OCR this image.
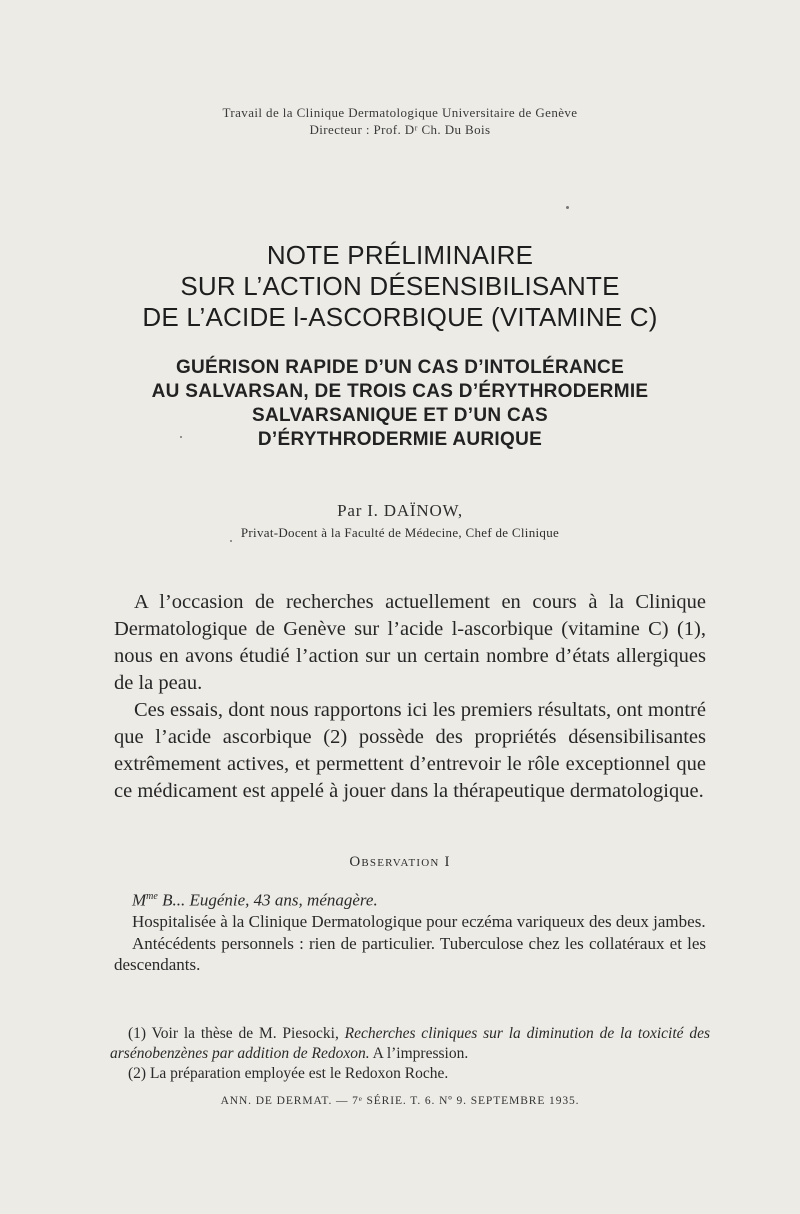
Travail de la Clinique Dermatologique Universitaire de Genève
Directeur : Prof. Dʳ Ch. Du Bois
NOTE PRÉLIMINAIRE
SUR L’ACTION DÉSENSIBILISANTE
DE L’ACIDE l-ASCORBIQUE (VITAMINE C)
GUÉRISON RAPIDE D’UN CAS D’INTOLÉRANCE
AU SALVARSAN, DE TROIS CAS D’ÉRYTHRODERMIE
SALVARSANIQUE ET D’UN CAS
D’ÉRYTHRODERMIE AURIQUE
Par I. DAÏNOW,
Privat-Docent à la Faculté de Médecine, Chef de Clinique

A l’occasion de recherches actuellement en cours à la Clinique Dermatologique de Genève sur l’acide l-ascorbique (vitamine C) (1), nous en avons étudié l’action sur un certain nombre d’états allergiques de la peau.

Ces essais, dont nous rapportons ici les premiers résultats, ont montré que l’acide ascorbique (2) possède des propriétés désensibilisantes extrêmement actives, et permettent d’entrevoir le rôle exceptionnel que ce médicament est appelé à jouer dans la thérapeutique dermatologique.

Observation I

$M^{me}$ B... Eugénie, 43 ans, ménagère.

Hospitalisée à la Clinique Dermatologique pour eczéma variqueux des deux jambes.

Antécédents personnels : rien de particulier. Tuberculose chez les collatéraux et les descendants.

(1) Voir la thèse de M. Piesocki, Recherches cliniques sur la diminution de la toxicité des arsénobenzènes par addition de Redoxon. A l’impression.

(2) La préparation employée est le Redoxon Roche.

ANN. DE DERMAT. — 7ᵉ SÉRIE. T. 6. Nº 9. SEPTEMBRE 1935.
